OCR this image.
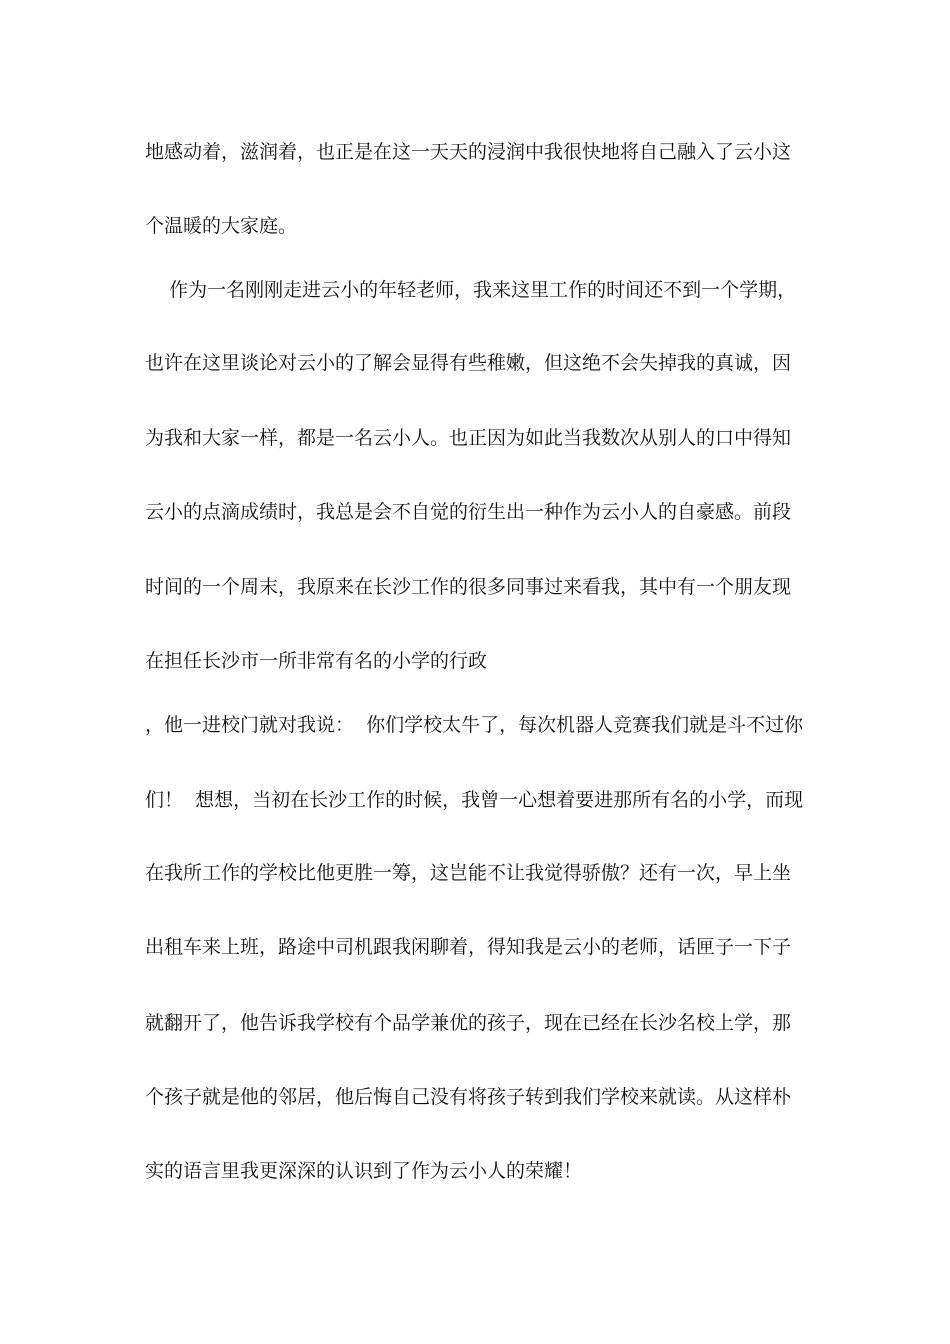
地感动着，滋润着，也正是在这一天天的浸润中我很快地将自己融入了云小这
个温暖的大家庭。
作为一名刚刚走进云小的年轻老师，我来这里工作的时间还不到一个学期，
也许在这里谈论对云小的了解会显得有些稚嫩，但这绝不会失掉我的真诚，因
为我和大家一样，都是一名云小人。也正因为如此当我数次从别人的口中得知
云小的点滴成绩时，我总是会不自觉的衍生出一种作为云小人的自豪感。前段
时间的一个周末，我原来在长沙工作的很多同事过来看我，其中有一个朋友现
在担任长沙市一所非常有名的小学的行政
，他一进校门就对我说：  你们学校太牛了，每次机器人竞赛我们就是斗不过你
们！  想想，当初在长沙工作的时候，我曾一心想着要进那所有名的小学，而现
在我所工作的学校比他更胜一筹，这岂能不让我觉得骄傲？还有一次，早上坐
出租车来上班，路途中司机跟我闲聊着，得知我是云小的老师，话匣子一下子
就翻开了，他告诉我学校有个品学兼优的孩子，现在已经在长沙名校上学，那
个孩子就是他的邻居，他后悔自己没有将孩子转到我们学校来就读。从这样朴
实的语言里我更深深的认识到了作为云小人的荣耀！
